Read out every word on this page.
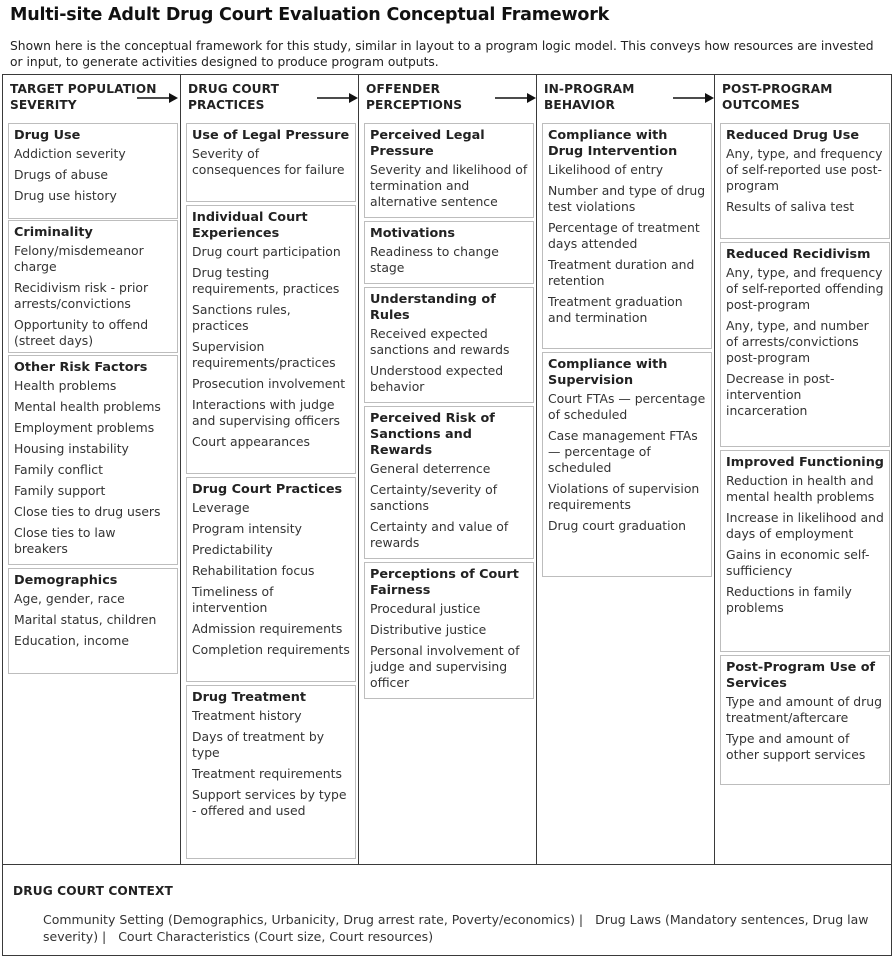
Multi-site Adult Drug Court Evaluation Conceptual Framework
Shown here is the conceptual framework for this study, similar in layout to a program logic model. This conveys how resources are invested or input, to generate activities designed to produce program outputs.
TARGET POPULATION
SEVERITY
Drug Use
Addiction severity
Drugs of abuse
Drug use history
Criminality
Felony/misdemeanor charge
Recidivism risk - prior arrests/convictions
Opportunity to offend (street days)
Other Risk Factors
Health problems
Mental health problems
Employment problems
Housing instability
Family conflict
Family support
Close ties to drug users
Close ties to law breakers
Demographics
Age, gender, race
Marital status, children
Education, income
DRUG COURT
PRACTICES
Use of Legal Pressure
Severity of consequences for failure
Individual Court Experiences
Drug court participation
Drug testing requirements, practices
Sanctions rules, practices
Supervision requirements/practices
Prosecution involvement
Interactions with judge and supervising officers
Court appearances
Drug Court Practices
Leverage
Program intensity
Predictability
Rehabilitation focus
Timeliness of intervention
Admission requirements
Completion requirements
Drug Treatment
Treatment history
Days of treatment by type
Treatment requirements
Support services by type - offered and used
OFFENDER
PERCEPTIONS
Perceived Legal Pressure
Severity and likelihood of termination and alternative sentence
Motivations
Readiness to change stage
Understanding of Rules
Received expected sanctions and rewards
Understood expected behavior
Perceived Risk of Sanctions and Rewards
General deterrence
Certainty/severity of sanctions
Certainty and value of rewards
Perceptions of Court Fairness
Procedural justice
Distributive justice
Personal involvement of judge and supervising officer
IN-PROGRAM
BEHAVIOR
Compliance with Drug Intervention
Likelihood of entry
Number and type of drug test violations
Percentage of treatment days attended
Treatment duration and retention
Treatment graduation and termination
Compliance with Supervision
Court FTAs — percentage of scheduled
Case management FTAs — percentage of scheduled
Violations of supervision requirements
Drug court graduation
POST-PROGRAM
OUTCOMES
Reduced Drug Use
Any, type, and frequency of self-reported use post-program
Results of saliva test
Reduced Recidivism
Any, type, and frequency of self-reported offending post-program
Any, type, and number of arrests/convictions post-program
Decrease in post-intervention incarceration
Improved Functioning
Reduction in health and mental health problems
Increase in likelihood and days of employment
Gains in economic self-sufficiency
Reductions in family problems
Post-Program Use of Services
Type and amount of drug treatment/aftercare
Type and amount of other support services
DRUG COURT CONTEXT
Community Setting (Demographics, Urbanicity, Drug arrest rate, Poverty/economics) |   Drug Laws (Mandatory sentences, Drug law severity) |   Court Characteristics (Court size, Court resources)
